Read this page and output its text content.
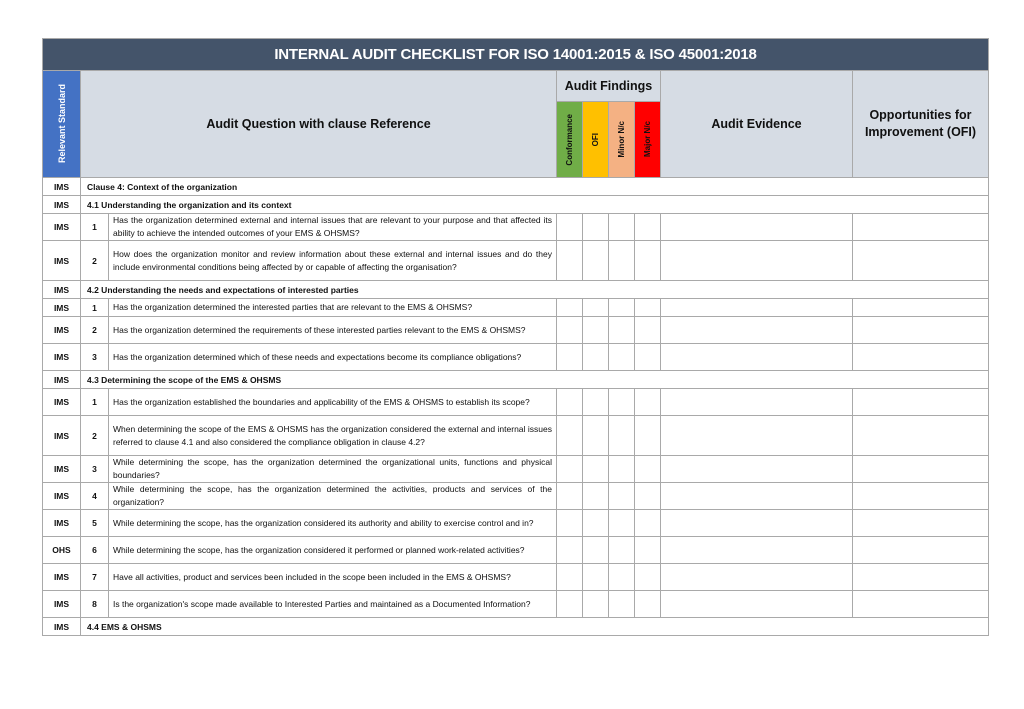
INTERNAL AUDIT CHECKLIST FOR ISO 14001:2015 & ISO 45001:2018								

Relevant Standard	Audit Question with clause Reference		Audit Findings				Audit Evidence	Opportunities for Improvement (OFI)

			Conformance	OFI	Minor N/c	Major N/c		

IMS	Clause 4: Context of the organization							
IMS	4.1 Understanding the organization and its context							
IMS	1	Has the organization determined external and internal issues that are relevant to your purpose and that affected its ability to achieve the intended outcomes of your EMS & OHSMS?						
IMS	2	How does the organization monitor and review information about these external and internal issues and do they include environmental conditions being affected by or capable of affecting the organisation?						
IMS	4.2 Understanding the needs and expectations of interested parties							
IMS	1	Has the organization determined the interested parties that are relevant to the EMS & OHSMS?						
IMS	2	Has the organization determined the requirements of these interested parties relevant to the EMS & OHSMS?						
IMS	3	Has the organization determined which of these needs and expectations become its compliance obligations?						
IMS	4.3 Determining the scope of the EMS & OHSMS							
IMS	1	Has the organization established the boundaries and applicability of the EMS & OHSMS to establish its scope?						
IMS	2	When determining the scope of the EMS & OHSMS has the organization considered the external and internal issues referred to clause 4.1 and also considered the compliance obligation in clause 4.2?						
IMS	3	While determining the scope, has the organization determined the organizational units, functions and physical boundaries?						
IMS	4	While determining the scope, has the organization determined the activities, products and services of the organization?						
IMS	5	While determining the scope, has the organization considered its authority and ability to exercise control and in?						
OHS	6	While determining the scope, has the organization considered it performed or planned work-related activities?						
IMS	7	Have all activities, product and services been included in the scope been included in the EMS & OHSMS?						
IMS	8	Is the organization's scope made available to Interested Parties and maintained as a Documented Information?						
IMS	4.4 EMS & OHSMS							
